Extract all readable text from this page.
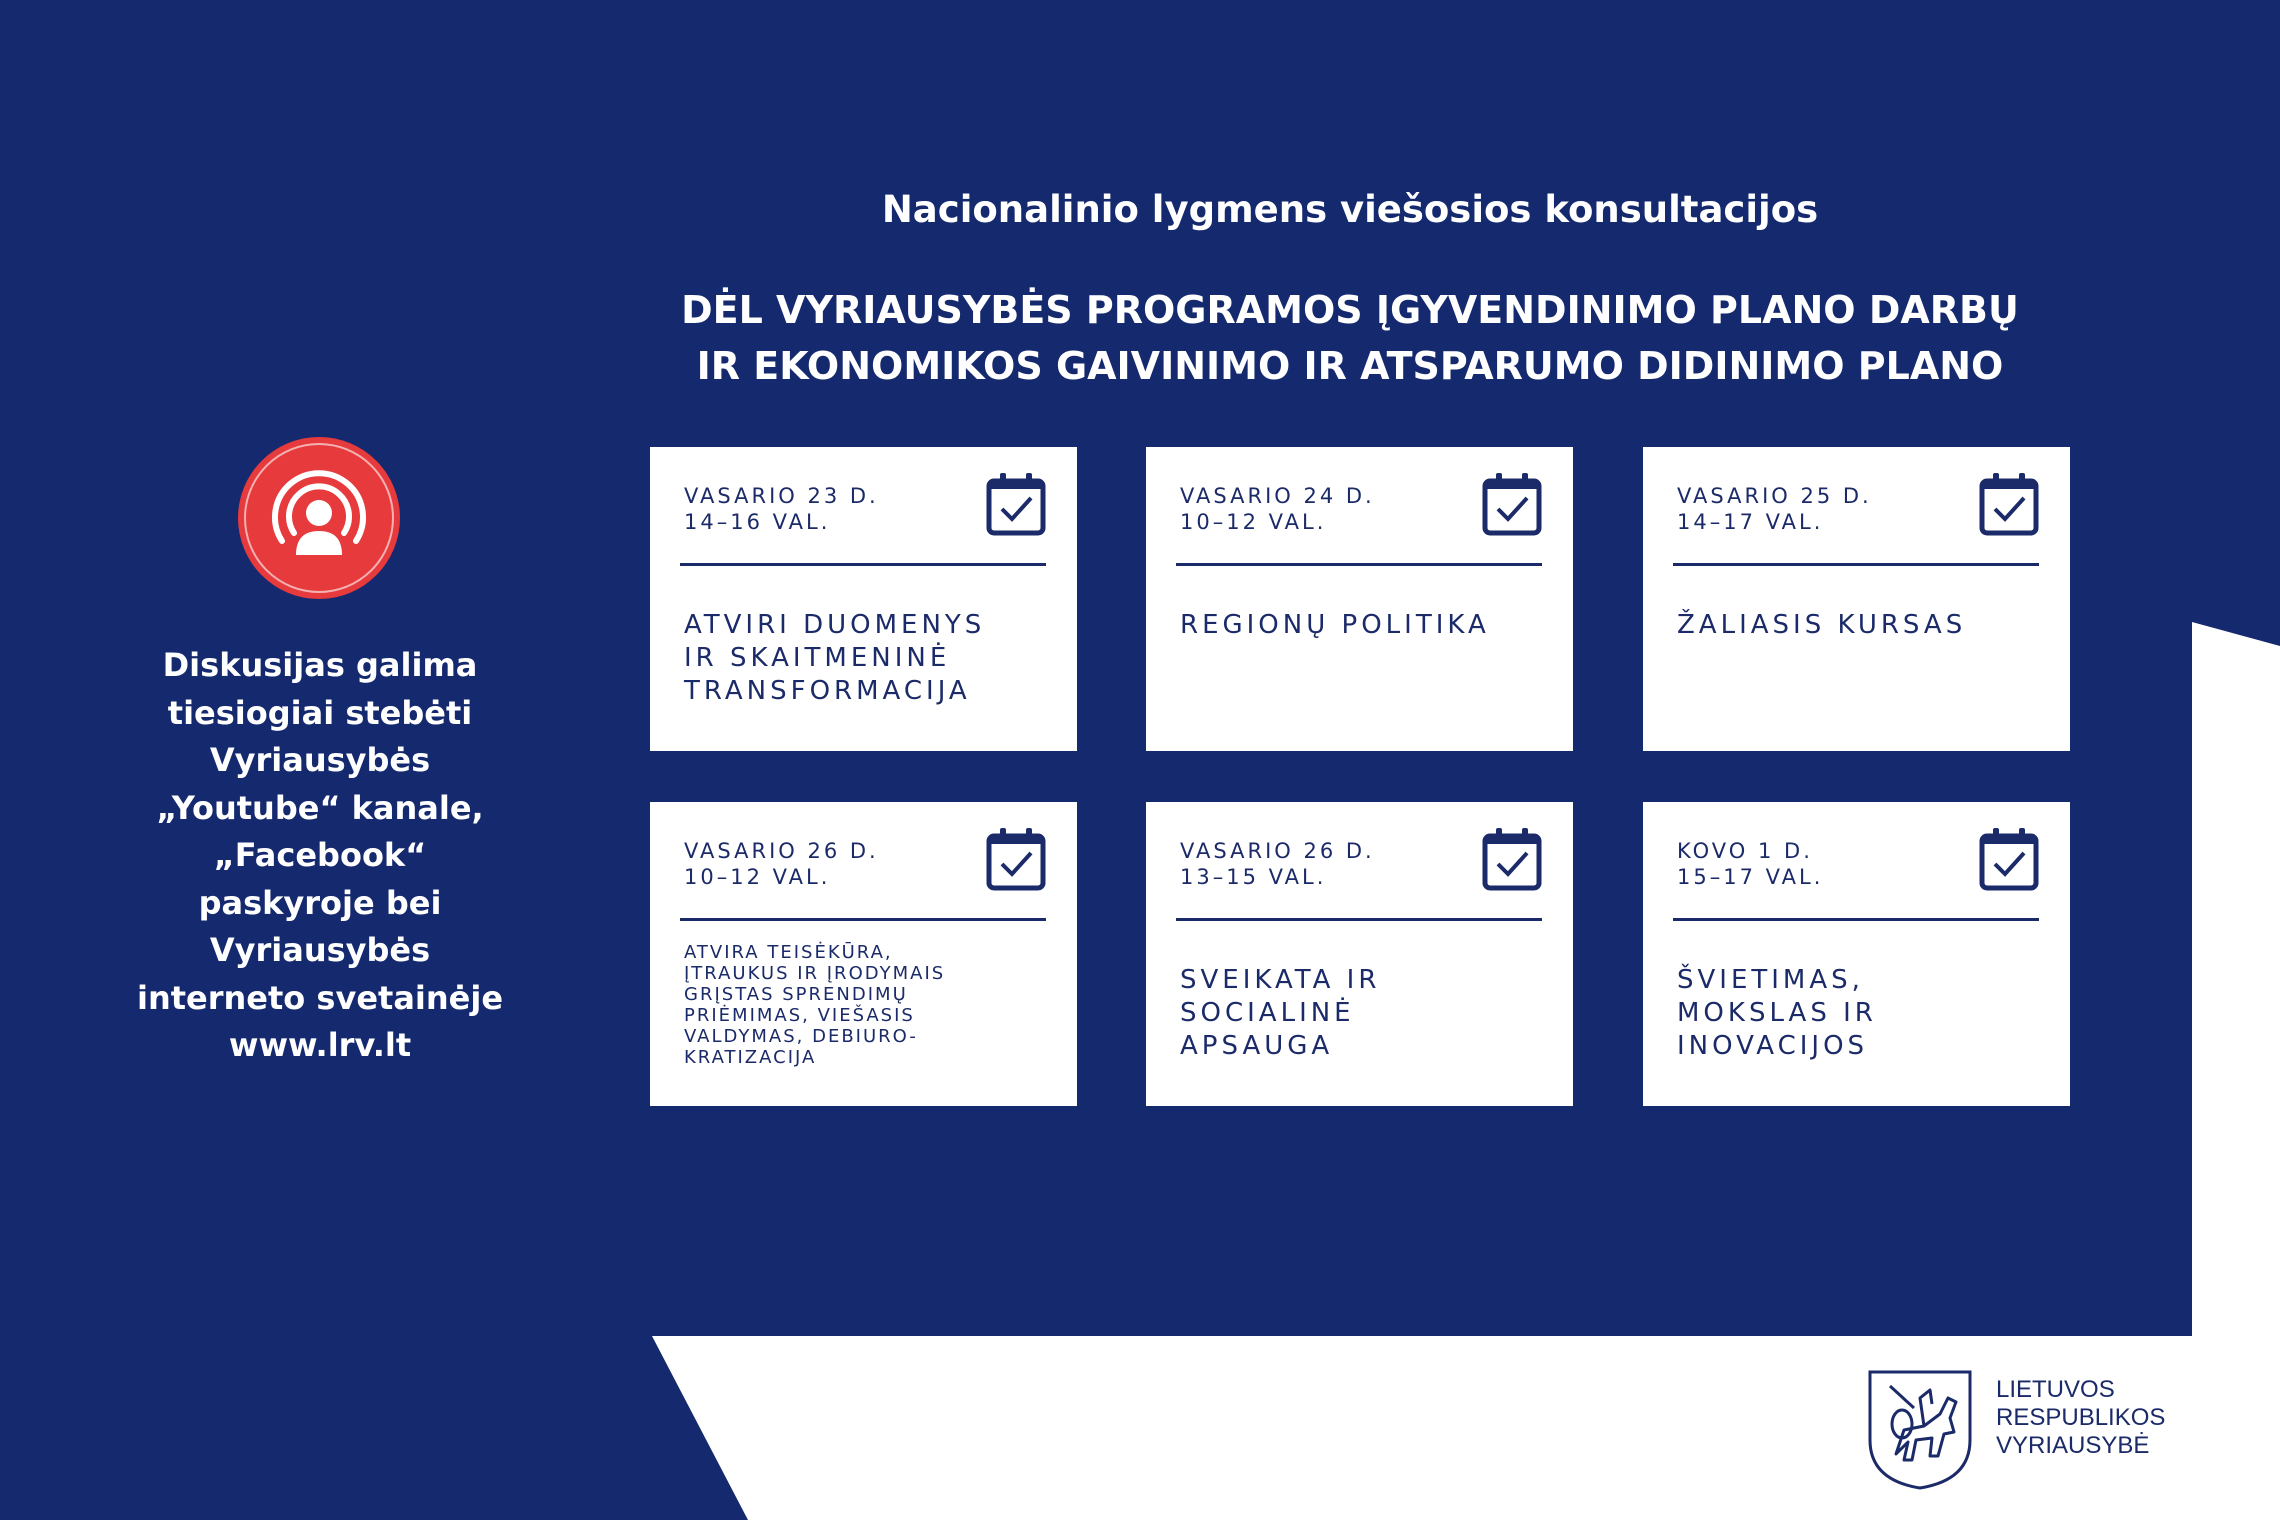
Nacionalinio lygmens viešosios konsultacijos
DĖL VYRIAUSYBĖS PROGRAMOS ĮGYVENDINIMO PLANO DARBŲ
IR EKONOMIKOS GAIVINIMO IR ATSPARUMO DIDINIMO PLANO
Diskusijas galima
tiesiogiai stebėti
Vyriausybės
„Youtube“ kanale,
„Facebook“
paskyroje bei
Vyriausybės
interneto svetainėje
www.lrv.lt
VASARIO 23 D.
14–16 VAL.
ATVIRI DUOMENYS
IR SKAITMENINĖ
TRANSFORMACIJA
VASARIO 24 D.
10–12 VAL.
REGIONŲ POLITIKA
VASARIO 25 D.
14–17 VAL.
ŽALIASIS KURSAS
VASARIO 26 D.
10–12 VAL.
ATVIRA TEISĖKŪRA,
ĮTRAUKUS IR ĮRODYMAIS
GRĮSTAS SPRENDIMŲ
PRIĖMIMAS, VIEŠASIS
VALDYMAS, DEBIURO-
KRATIZACIJA
VASARIO 26 D.
13–15 VAL.
SVEIKATA IR
SOCIALINĖ
APSAUGA
KOVO 1 D.
15–17 VAL.
ŠVIETIMAS,
MOKSLAS IR
INOVACIJOS
LIETUVOS
RESPUBLIKOS
VYRIAUSYBĖ
